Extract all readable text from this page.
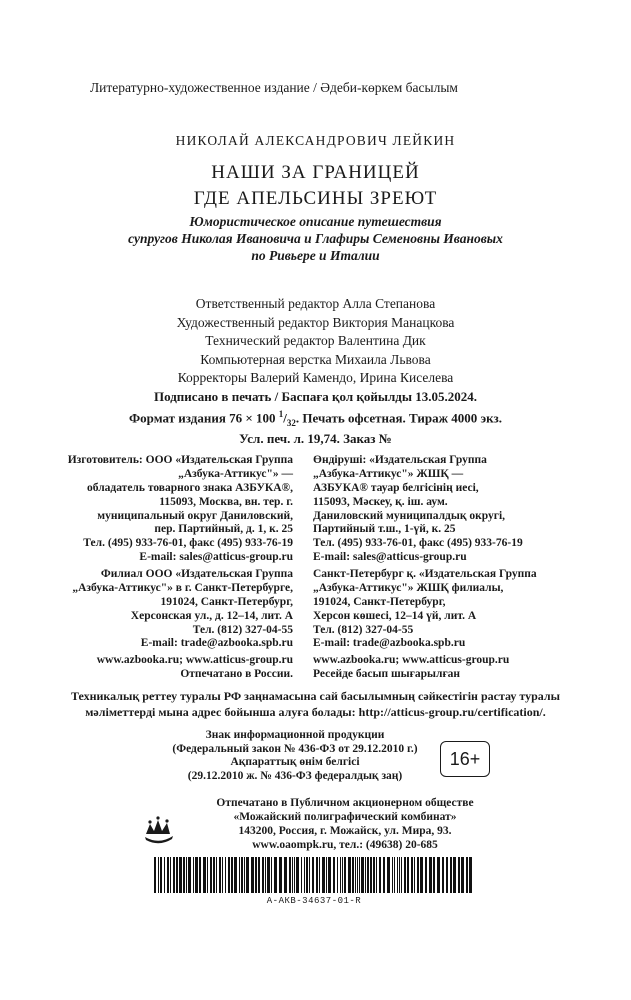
Литературно-художественное издание / Әдеби-көркем басылым
НИКОЛАЙ АЛЕКСАНДРОВИЧ ЛЕЙКИН
НАШИ ЗА ГРАНИЦЕЙ
ГДЕ АПЕЛЬСИНЫ ЗРЕЮТ
Юмористическое описание путешествия
супругов Николая Ивановича и Глафиры Семеновны Ивановых
по Ривьере и Италии
Ответственный редактор Алла Степанова
Художественный редактор Виктория Манацкова
Технический редактор Валентина Дик
Компьютерная верстка Михаила Львова
Корректоры Валерий Камендо, Ирина Киселева
Подписано в печать / Баспаға қол қойылды 13.05.2024.
Формат издания 76 × 100 $^1/_{32}$. Печать офсетная. Тираж 4000 экз.
Усл. печ. л. 19,74. Заказ №
Изготовитель: ООО «Издательская Группа
„Азбука-Аттикус"» —
обладатель товарного знака АЗБУКА®,
115093, Москва, вн. тер. г.
муниципальный округ Даниловский,
пер. Партийный, д. 1, к. 25
Тел. (495) 933-76-01, факс (495) 933-76-19
E-mail: sales@atticus-group.ru
Өндіруші: «Издательская Группа
„Азбука-Аттикус"» ЖШҚ —
АЗБУКА® тауар белгісінің иесі,
115093, Мәскеу, қ. іш. аум.
Даниловский муниципалдық округі,
Партийный т.ш., 1-үй, к. 25
Тел. (495) 933-76-01, факс (495) 933-76-19
E-mail: sales@atticus-group.ru
Филиал ООО «Издательская Группа
„Азбука-Аттикус"» в г. Санкт-Петербурге,
191024, Санкт-Петербург,
Херсонская ул., д. 12–14, лит. А
Тел. (812) 327-04-55
E-mail: trade@azbooka.spb.ru
Санкт-Петербург қ. «Издательская Группа
„Азбука-Аттикус"» ЖШҚ филиалы,
191024, Санкт-Петербург,
Херсон көшесі, 12–14 үй, лит. А
Тел. (812) 327-04-55
E-mail: trade@azbooka.spb.ru
www.azbooka.ru; www.atticus-group.ru
Отпечатано в России.
www.azbooka.ru; www.atticus-group.ru
Ресейде басып шығарылған
Техникалық реттеу туралы РФ заңнамасына сай басылымның сәйкестігін растау туралы
мәліметтерді мына адрес бойынша алуға болады: http://atticus-group.ru/certification/.
Знак информационной продукции
(Федеральный закон № 436-ФЗ от 29.12.2010 г.)
Ақпараттық өнім белгісі
(29.12.2010 ж. № 436-ФЗ федералдық заң)
16+
Отпечатано в Публичном акционерном обществе
«Можайский полиграфический комбинат»
143200, Россия, г. Можайск, ул. Мира, 93.
www.oaompk.ru, тел.: (49638) 20-685
А-АКВ-34637-01-R
